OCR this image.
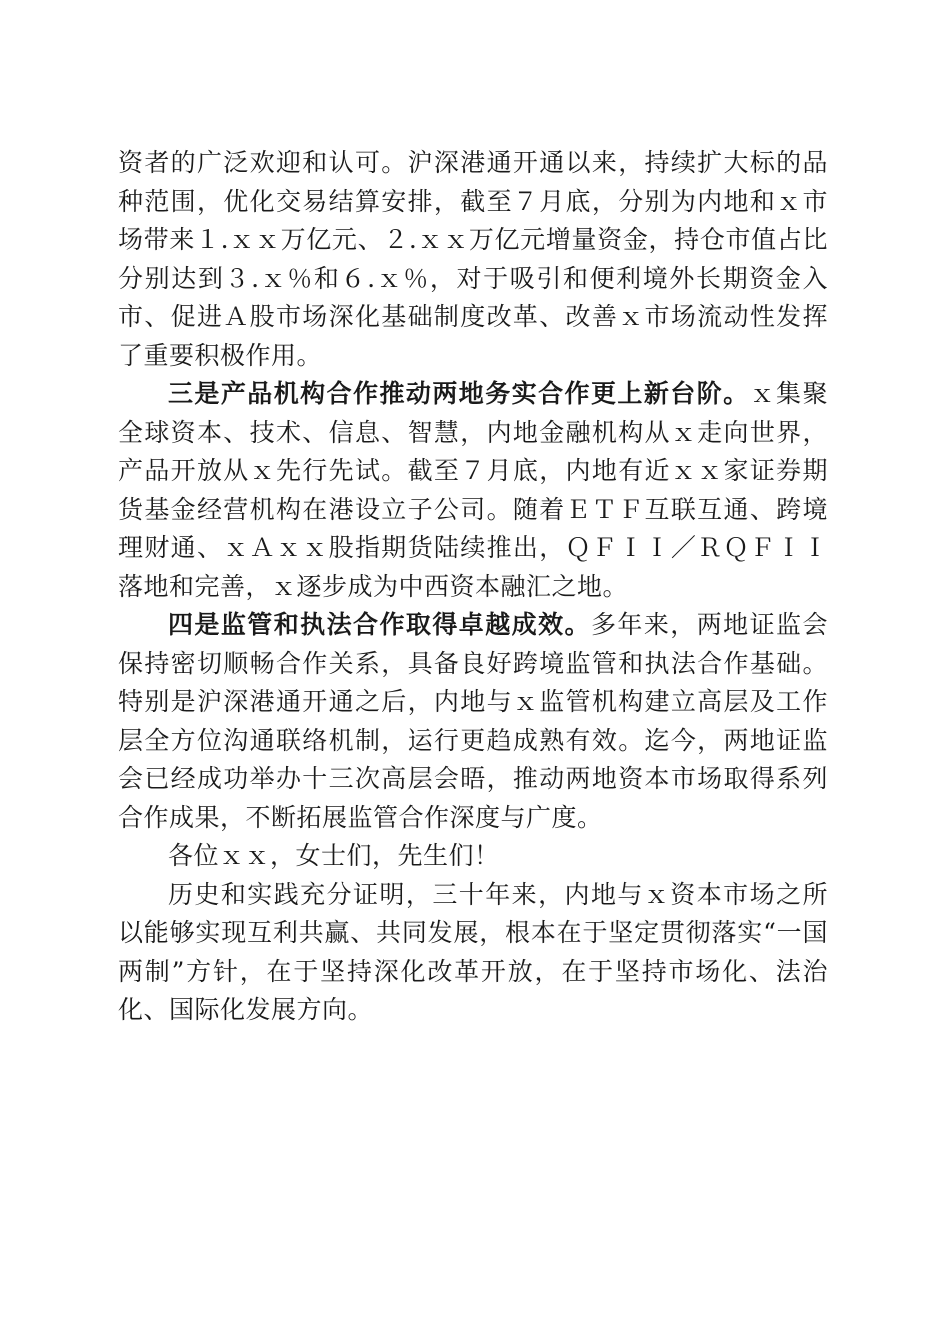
资者的广泛欢迎和认可。沪深港通开通以来，持续扩大标的品种范围，优化交易结算安排，截至７月底，分别为内地和ｘ市场带来１.ｘｘ万亿元、２.ｘｘ万亿元增量资金，持仓市值占比分别达到３.ｘ％和６.ｘ％，对于吸引和便利境外长期资金入市、促进Ａ股市场深化基础制度改革、改善ｘ市场流动性发挥了重要积极作用。

三是产品机构合作推动两地务实合作更上新台阶。ｘ集聚全球资本、技术、信息、智慧，内地金融机构从ｘ走向世界，产品开放从ｘ先行先试。截至７月底，内地有近ｘｘ家证券期货基金经营机构在港设立子公司。随着ＥＴＦ互联互通、跨境理财通、ｘＡｘｘ股指期货陆续推出，ＱＦＩＩ／ＲＱＦＩＩ落地和完善，ｘ逐步成为中西资本融汇之地。

四是监管和执法合作取得卓越成效。多年来，两地证监会保持密切顺畅合作关系，具备良好跨境监管和执法合作基础。特别是沪深港通开通之后，内地与ｘ监管机构建立高层及工作层全方位沟通联络机制，运行更趋成熟有效。迄今，两地证监会已经成功举办十三次高层会晤，推动两地资本市场取得系列合作成果，不断拓展监管合作深度与广度。

各位ｘｘ，女士们，先生们！

历史和实践充分证明，三十年来，内地与ｘ资本市场之所以能够实现互利共赢、共同发展，根本在于坚定贯彻落实“一国两制”方针，在于坚持深化改革开放，在于坚持市场化、法治化、国际化发展方向。
